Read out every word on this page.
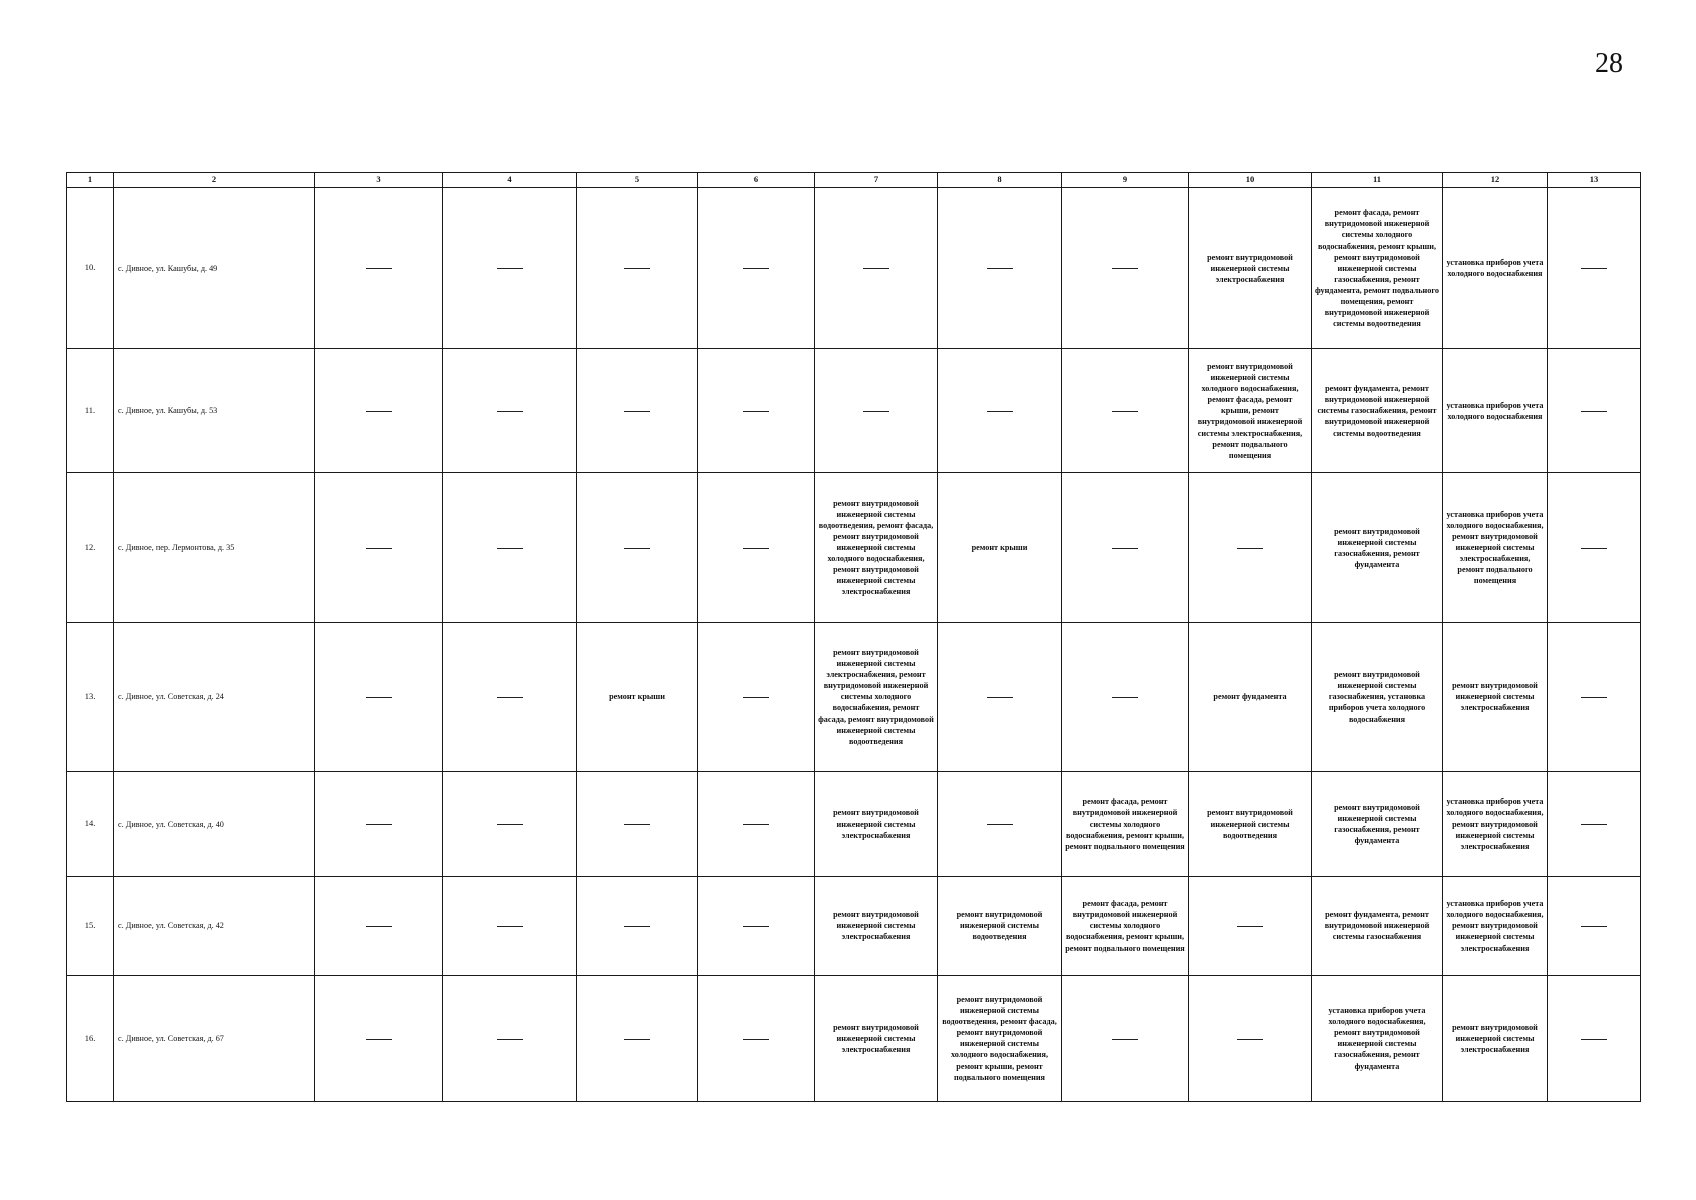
28
1	2	3	4	5	6	7	8	9	10	11	12	13
10.	с. Дивное, ул. Кашубы, д. 49								ремонт внутридомовой инженерной системы электроснабжения	ремонт фасада, ремонт внутридомовой инженерной системы холодного водоснабжения, ремонт крыши, ремонт внутридомовой инженерной системы газоснабжения, ремонт фундамента, ремонт подвального помещения, ремонт внутридомовой инженерной системы водоотведения	установка приборов учета холодного водоснабжения	

11.	с. Дивное, ул. Кашубы, д. 53								ремонт внутридомовой инженерной системы холодного водоснабжения, ремонт фасада, ремонт крыши, ремонт внутридомовой инженерной системы электроснабжения, ремонт подвального помещения	ремонт фундамента, ремонт внутридомовой инженерной системы газоснабжения, ремонт внутридомовой инженерной системы водоотведения	установка приборов учета холодного водоснабжения	

12.	с. Дивное, пер. Лермонтова, д. 35					ремонт внутридомовой инженерной системы водоотведения, ремонт фасада, ремонт внутридомовой инженерной системы холодного водоснабжения, ремонт внутридомовой инженерной системы электроснабжения	ремонт крыши			ремонт внутридомовой инженерной системы газоснабжения, ремонт фундамента	установка приборов учета холодного водоснабжения, ремонт внутридомовой инженерной системы электроснабжения, ремонт подвального помещения	

13.	с. Дивное, ул. Советская, д. 24			ремонт крыши		ремонт внутридомовой инженерной системы электроснабжения, ремонт внутридомовой инженерной системы холодного водоснабжения, ремонт фасада, ремонт внутридомовой инженерной системы водоотведения			ремонт фундамента	ремонт внутридомовой инженерной системы газоснабжения, установка приборов учета холодного водоснабжения	ремонт внутридомовой инженерной системы электроснабжения	

14.	с. Дивное, ул. Советская, д. 40					ремонт внутридомовой инженерной системы электроснабжения		ремонт фасада, ремонт внутридомовой инженерной системы холодного водоснабжения, ремонт крыши, ремонт подвального помещения	ремонт внутридомовой инженерной системы водоотведения	ремонт внутридомовой инженерной системы газоснабжения, ремонт фундамента	установка приборов учета холодного водоснабжения, ремонт внутридомовой инженерной системы электроснабжения	

15.	с. Дивное, ул. Советская, д. 42					ремонт внутридомовой инженерной системы электроснабжения	ремонт внутридомовой инженерной системы водоотведения	ремонт фасада, ремонт внутридомовой инженерной системы холодного водоснабжения, ремонт крыши, ремонт подвального помещения		ремонт фундамента, ремонт внутридомовой инженерной системы газоснабжения	установка приборов учета холодного водоснабжения, ремонт внутридомовой инженерной системы электроснабжения	

16.	с. Дивное, ул. Советская, д. 67					ремонт внутридомовой инженерной системы электроснабжения	ремонт внутридомовой инженерной системы водоотведения, ремонт фасада, ремонт внутридомовой инженерной системы холодного водоснабжения, ремонт крыши, ремонт подвального помещения			установка приборов учета холодного водоснабжения, ремонт внутридомовой инженерной системы газоснабжения, ремонт фундамента	ремонт внутридомовой инженерной системы электроснабжения	
